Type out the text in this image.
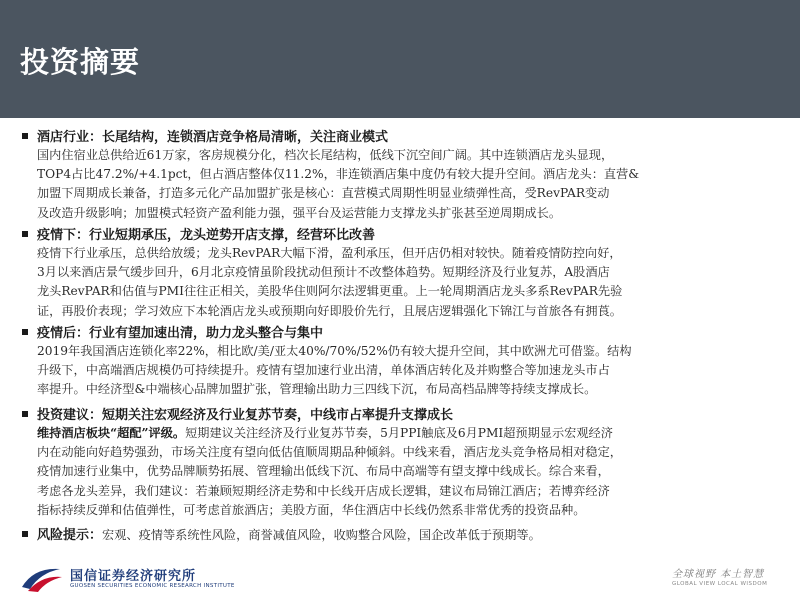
投资摘要
酒店行业：长尾结构，连锁酒店竞争格局清晰，关注商业模式
国内住宿业总供给近61万家，客房规模分化，档次长尾结构，低线下沉空间广阔。其中连锁酒店龙头显现，
TOP4占比47.2%/+4.1pct，但占酒店整体仅11.2%，非连锁酒店集中度仍有较大提升空间。酒店龙头：直营&
加盟下周期成长兼备，打造多元化产品加盟扩张是核心：直营模式周期性明显业绩弹性高，受RevPAR变动
及改造升级影响；加盟模式轻资产盈利能力强，强平台及运营能力支撑龙头扩张甚至逆周期成长。
疫情下：行业短期承压，龙头逆势开店支撑，经营环比改善
疫情下行业承压，总供给放缓；龙头RevPAR大幅下滑，盈利承压，但开店仍相对较快。随着疫情防控向好，
3月以来酒店景气缓步回升，6月北京疫情虽阶段扰动但预计不改整体趋势。短期经济及行业复苏，A股酒店
龙头RevPAR和估值与PMI往往正相关，美股华住则阿尔法逻辑更重。上一轮周期酒店龙头多系RevPAR先验
证，再股价表现；学习效应下本轮酒店龙头或预期向好即股价先行，且展店逻辑强化下锦江与首旅各有拥莨。
疫情后：行业有望加速出清，助力龙头整合与集中
2019年我国酒店连锁化率22%，相比欧/美/亚太40%/70%/52%仍有较大提升空间，其中欧洲尤可借鉴。结构
升级下，中高端酒店规模仍可持续提升。疫情有望加速行业出清，单体酒店转化及并购整合等加速龙头市占
率提升。中经济型&中端核心品牌加盟扩张，管理输出助力三四线下沉，布局高档品牌等持续支撑成长。
投资建议：短期关注宏观经济及行业复苏节奏，中线市占率提升支撑成长
维持酒店板块“超配”评级。短期建议关注经济及行业复苏节奏，5月PPI触底及6月PMI超预期显示宏观经济
内在动能向好趋势强劲，市场关注度有望向低估值顺周期品种倾斜。中线来看，酒店龙头竞争格局相对稳定，
疫情加速行业集中，优势品牌顺势拓展、管理输出低线下沉、布局中高端等有望支撑中线成长。综合来看，
考虑各龙头差异，我们建议：若兼顾短期经济走势和中长线开店成长逻辑，建议布局锦江酒店；若博弈经济
指标持续反弹和估值弹性，可考虑首旅酒店；美股方面，华住酒店中长线仍然系非常优秀的投资品种。
风险提示：宏观、疫情等系统性风险，商誉减值风险，收购整合风险，国企改革低于预期等。
国信证券经济研究所
GUOSEN SECURITIES ECONOMIC RESEARCH INSTITUTE
全球视野 本土智慧
GLOBAL VIEW LOCAL WISDOM
